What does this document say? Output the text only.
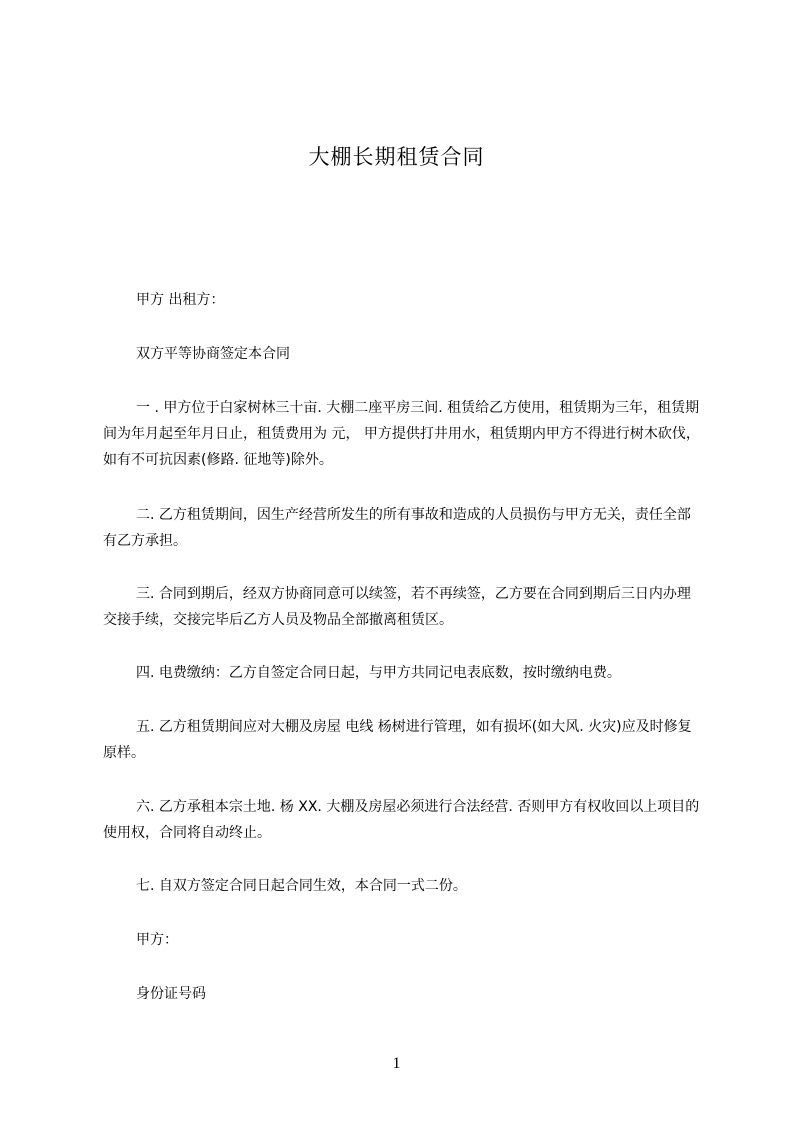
大棚长期租赁合同

甲方 出租方：

双方平等协商签定本合同

一 . 甲方位于白家树林三十亩. 大棚二座平房三间. 租赁给乙方使用，租赁期为三年，租赁期间为年月起至年月日止，租赁费用为 元， 甲方提供打井用水，租赁期内甲方不得进行树木砍伐，如有不可抗因素(修路. 征地等)除外。

二. 乙方租赁期间，因生产经营所发生的所有事故和造成的人员损伤与甲方无关，责任全部有乙方承担。

三. 合同到期后，经双方协商同意可以续签，若不再续签，乙方要在合同到期后三日内办理交接手续，交接完毕后乙方人员及物品全部撤离租赁区。

四. 电费缴纳：乙方自签定合同日起，与甲方共同记电表底数，按时缴纳电费。

五. 乙方租赁期间应对大棚及房屋 电线 杨树进行管理，如有损坏(如大风. 火灾)应及时修复原样。

六. 乙方承租本宗土地. 杨 XX. 大棚及房屋必须进行合法经营. 否则甲方有权收回以上项目的使用权，合同将自动终止。

七. 自双方签定合同日起合同生效，本合同一式二份。

甲方：

身份证号码

1
